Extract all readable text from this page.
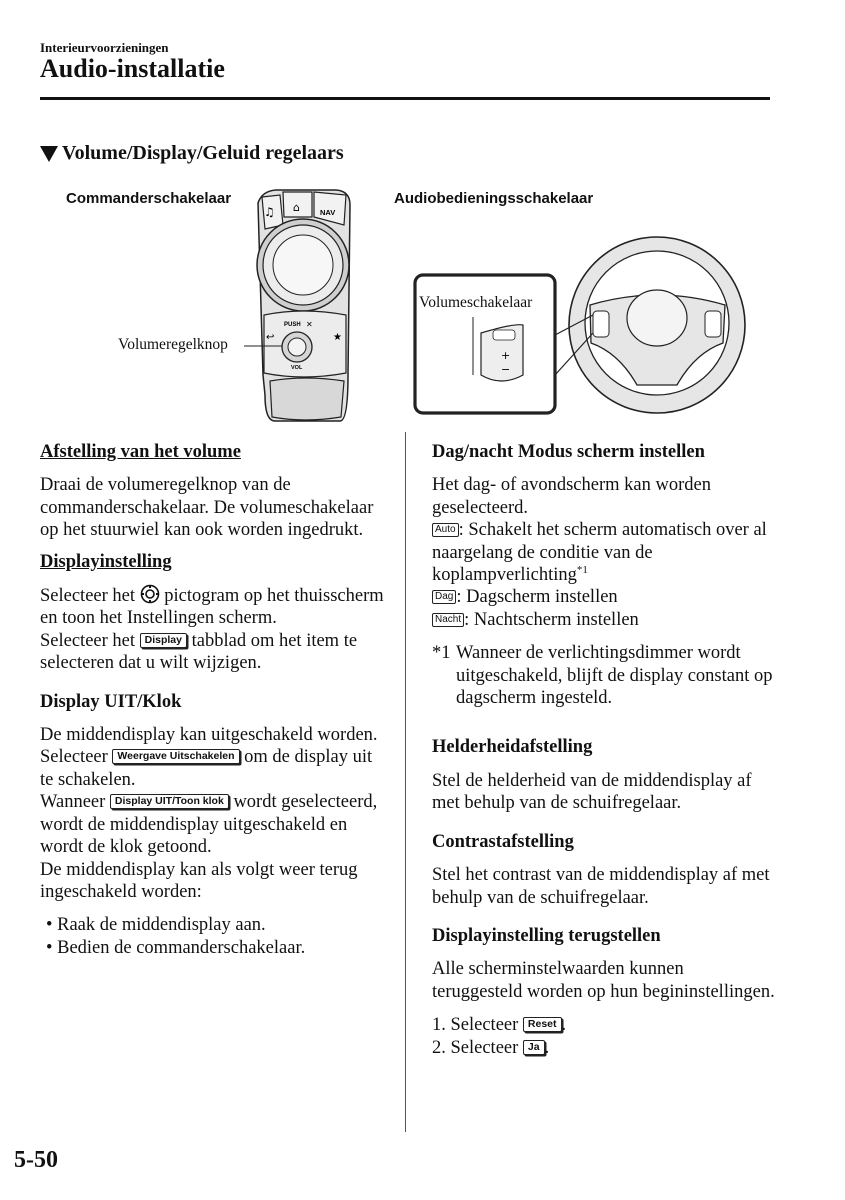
Interieurvoorzieningen
Audio-installatie
Volume/Display/Geluid regelaars
Commanderschakelaar
♫ ⌂	NAV
↩	★
PUSH ✕
VOL
Volumeregelknop
Audiobedieningsschakelaar
+
−
Volumeschakelaar

Afstelling van het volume

Draai de volumeregelknop van de commanderschakelaar. De volumeschakelaar op het stuurwiel kan ook worden ingedrukt.

Displayinstelling

Selecteer het pictogram op het thuisscherm en toon het Instellingen scherm.

Selecteer het Display tabblad om het item te selecteren dat u wilt wijzigen.

Display UIT/Klok

De middendisplay kan uitgeschakeld worden. Selecteer Weergave Uitschakelen om de display uit te schakelen.

Wanneer Display UIT/Toon klok wordt geselecteerd, wordt de middendisplay uitgeschakeld en wordt de klok getoond.

De middendisplay kan als volgt weer terug ingeschakeld worden:

• Raak de middendisplay aan.

• Bedien de commanderschakelaar.

Dag/nacht Modus scherm instellen

Het dag- of avondscherm kan worden geselecteerd.

Auto : Schakelt het scherm automatisch over al naargelang de conditie van de koplampverlichting$^{*1}$

Dag : Dagscherm instellen

Nacht : Nachtscherm instellen

*1 Wanneer de verlichtingsdimmer wordt uitgeschakeld, blijft de display constant op dagscherm ingesteld.

Helderheidafstelling

Stel de helderheid van de middendisplay af met behulp van de schuifregelaar.

Contrastafstelling

Stel het contrast van de middendisplay af met behulp van de schuifregelaar.

Displayinstelling terugstellen

Alle scherminstelwaarden kunnen teruggesteld worden op hun begininstellingen.

1. Selecteer Reset .

2. Selecteer Ja .

5-50
